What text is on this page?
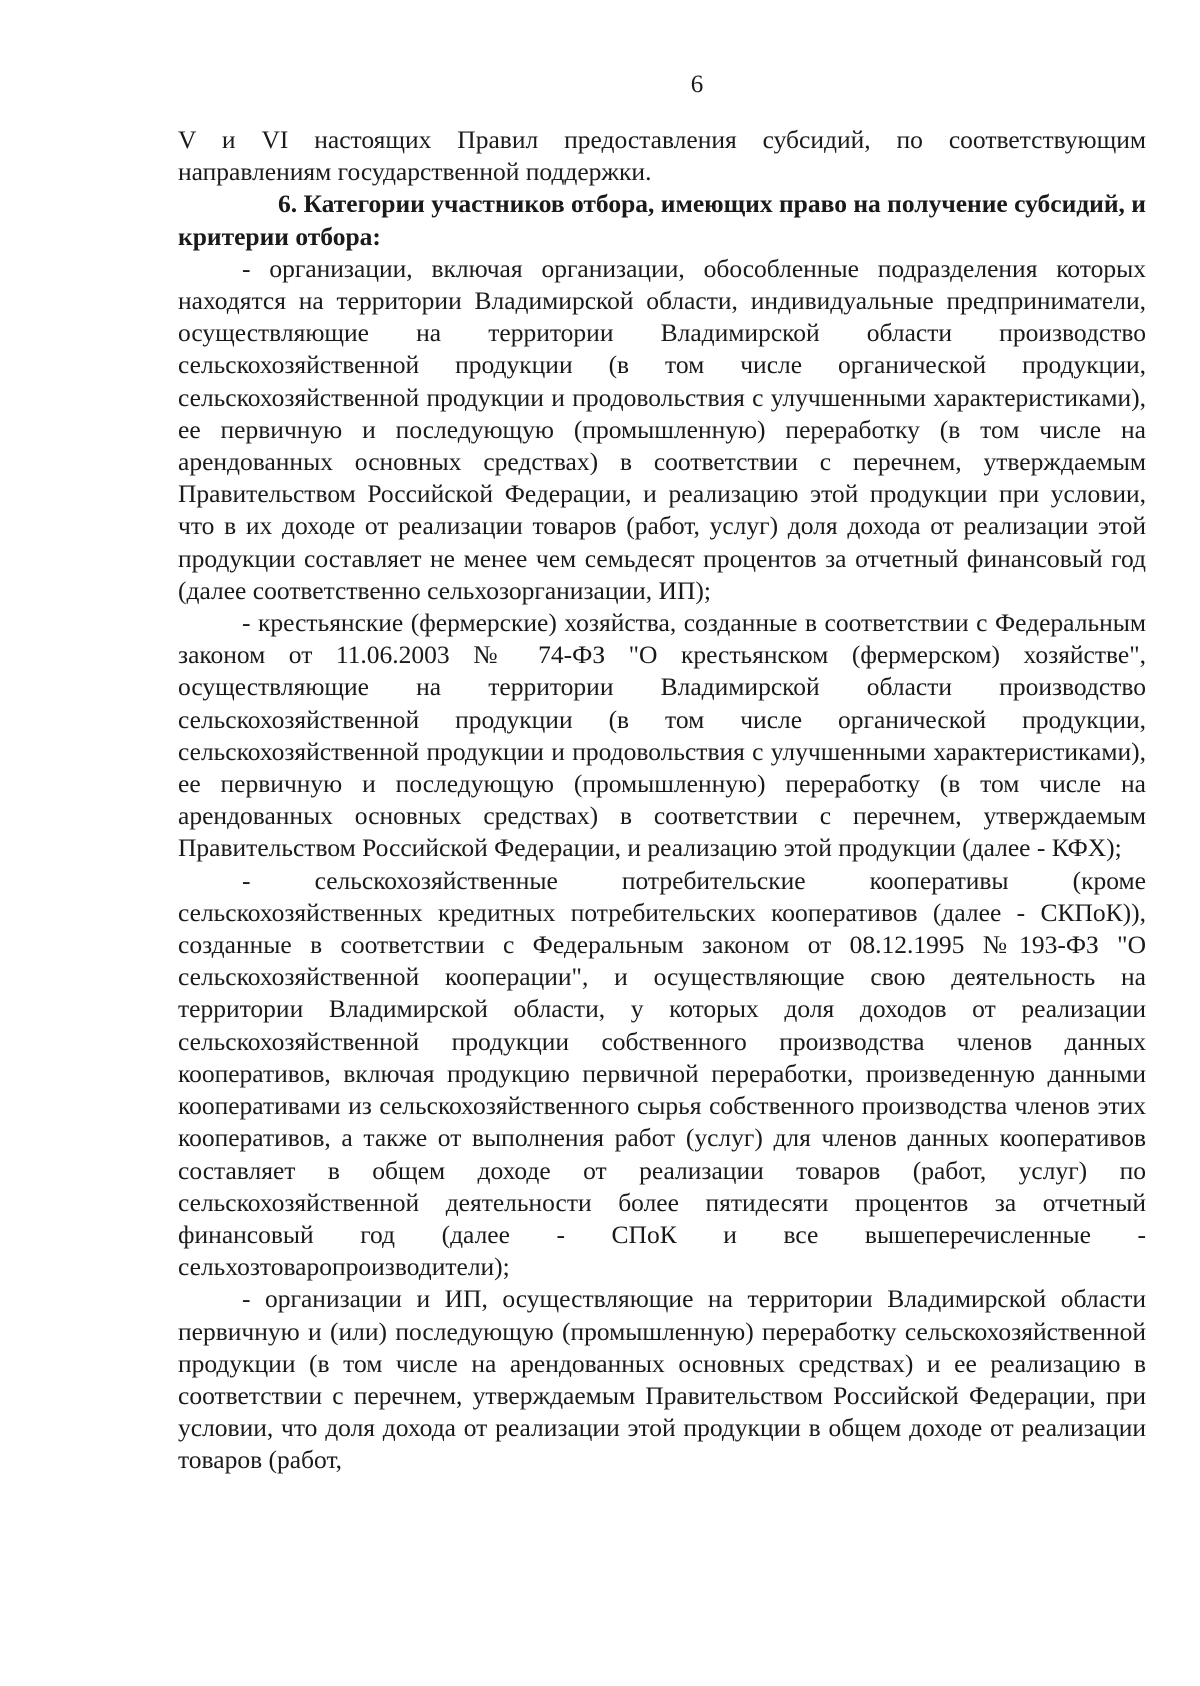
6

V и VI настоящих Правил предоставления субсидий, по соответствующим направлениям государственной поддержки.

6. Категории участников отбора, имеющих право на получение субсидий, и критерии отбора:

- организации, включая организации, обособленные подразделения которых находятся на территории Владимирской области, индивидуальные предприниматели, осуществляющие на территории Владимирской области производство сельскохозяйственной продукции (в том числе органической продукции, сельскохозяйственной продукции и продовольствия с улучшенными характеристиками), ее первичную и последующую (промышленную) переработку (в том числе на арендованных основных средствах) в соответствии с перечнем, утверждаемым Правительством Российской Федерации, и реализацию этой продукции при условии, что в их доходе от реализации товаров (работ, услуг) доля дохода от реализации этой продукции составляет не менее чем семьдесят процентов за отчетный финансовый год (далее соответственно сельхозорганизации, ИП);

- крестьянские (фермерские) хозяйства, созданные в соответствии с Федеральным законом от 11.06.2003 № 74-ФЗ "О крестьянском (фермерском) хозяйстве", осуществляющие на территории Владимирской области производство сельскохозяйственной продукции (в том числе органической продукции, сельскохозяйственной продукции и продовольствия с улучшенными характеристиками), ее первичную и последующую (промышленную) переработку (в том числе на арендованных основных средствах) в соответствии с перечнем, утверждаемым Правительством Российской Федерации, и реализацию этой продукции (далее - КФХ);

- сельскохозяйственные потребительские кооперативы (кроме сельскохозяйственных кредитных потребительских кооперативов (далее - СКПоК)), созданные в соответствии с Федеральным законом от 08.12.1995 №193-ФЗ "О сельскохозяйственной кооперации", и осуществляющие свою деятельность на территории Владимирской области, у которых доля доходов от реализации сельскохозяйственной продукции собственного производства членов данных кооперативов, включая продукцию первичной переработки, произведенную данными кооперативами из сельскохозяйственного сырья собственного производства членов этих кооперативов, а также от выполнения работ (услуг) для членов данных кооперативов составляет в общем доходе от реализации товаров (работ, услуг) по сельскохозяйственной деятельности более пятидесяти процентов за отчетный финансовый год (далее - СПоК и все вышеперечисленные - сельхозтоваропроизводители);

- организации и ИП, осуществляющие на территории Владимирской области первичную и (или) последующую (промышленную) переработку сельскохозяйственной продукции (в том числе на арендованных основных средствах) и ее реализацию в соответствии с перечнем, утверждаемым Правительством Российской Федерации, при условии, что доля дохода от реализации этой продукции в общем доходе от реализации товаров (работ,
